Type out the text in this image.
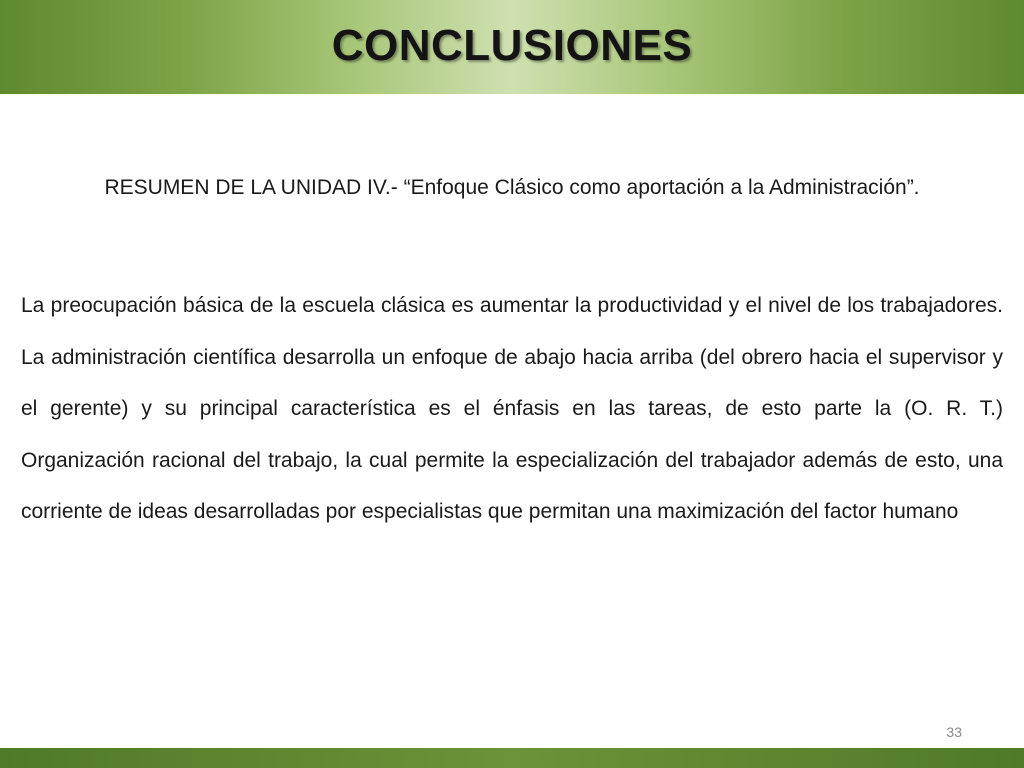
CONCLUSIONES
RESUMEN DE LA UNIDAD IV.- “Enfoque Clásico como aportación a la Administración”.
La preocupación básica de la escuela clásica es aumentar la productividad y el nivel de los trabajadores. La administración científica desarrolla un enfoque de abajo hacia arriba (del obrero hacia el supervisor y el gerente) y su principal característica es el énfasis en las tareas, de esto parte la (O. R. T.) Organización racional del trabajo, la cual permite la especialización del trabajador además de esto, una corriente de ideas desarrolladas por especialistas que permitan una maximización del factor humano
33
